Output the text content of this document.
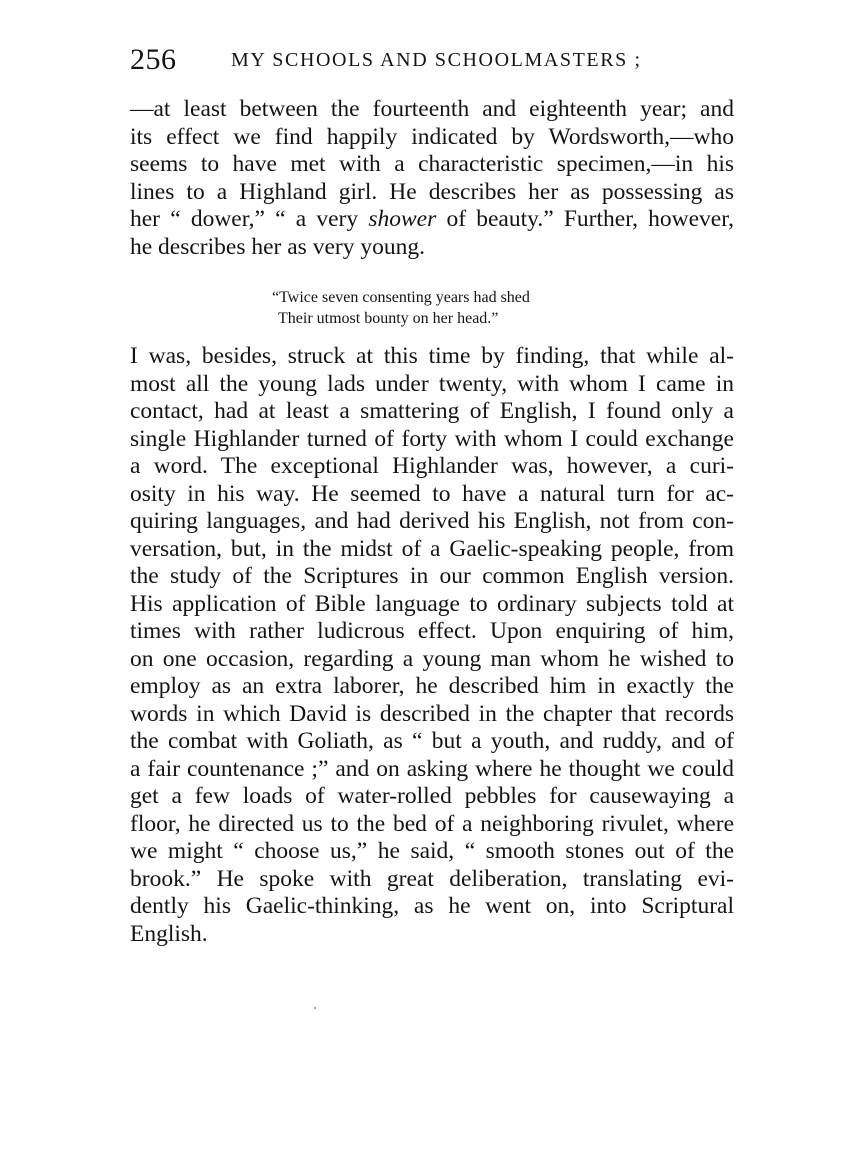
256	MY SCHOOLS AND SCHOOLMASTERS ;
—at least between the fourteenth and eighteenth year; and
its effect we find happily indicated by Wordsworth,—who
seems to have met with a characteristic specimen,—in his
lines to a Highland girl. He describes her as possessing as
her “ dower,” “ a very shower of beauty.” Further, however,
he describes her as very young.
“Twice seven consenting years had shed
Their utmost bounty on her head.”
I was, besides, struck at this time by finding, that while al-
most all the young lads under twenty, with whom I came in
contact, had at least a smattering of English, I found only a
single Highlander turned of forty with whom I could exchange
a word. The exceptional Highlander was, however, a curi-
osity in his way. He seemed to have a natural turn for ac-
quiring languages, and had derived his English, not from con-
versation, but, in the midst of a Gaelic-speaking people, from
the study of the Scriptures in our common English version.
His application of Bible language to ordinary subjects told at
times with rather ludicrous effect. Upon enquiring of him,
on one occasion, regarding a young man whom he wished to
employ as an extra laborer, he described him in exactly the
words in which David is described in the chapter that records
the combat with Goliath, as “ but a youth, and ruddy, and of
a fair countenance ;” and on asking where he thought we could
get a few loads of water-rolled pebbles for causewaying a
floor, he directed us to the bed of a neighboring rivulet, where
we might “ choose us,” he said, “ smooth stones out of the
brook.” He spoke with great deliberation, translating evi-
dently his Gaelic-thinking, as he went on, into Scriptural
English.
